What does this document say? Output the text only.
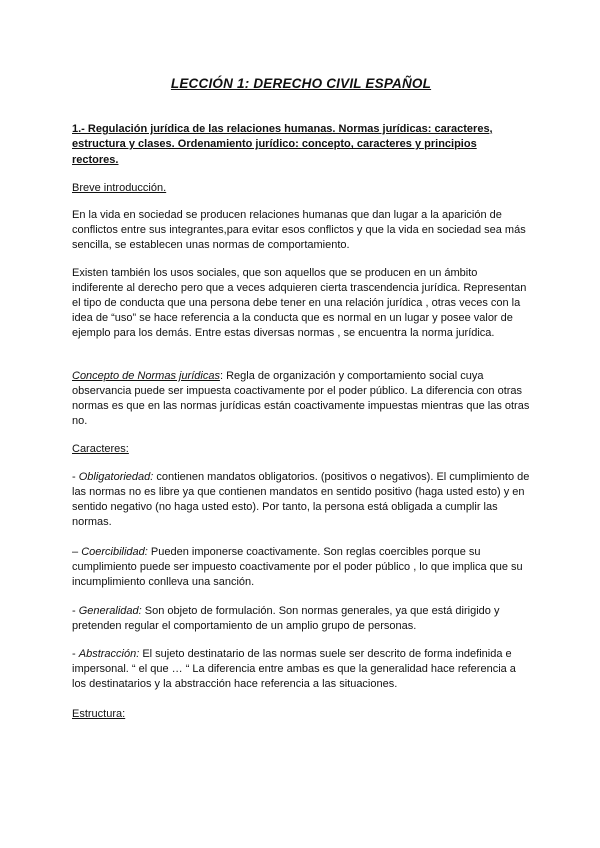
LECCIÓN 1: DERECHO CIVIL ESPAÑOL
1.- Regulación jurídica de las relaciones humanas. Normas jurídicas: caracteres, estructura y clases. Ordenamiento jurídico: concepto, caracteres y principios rectores.
Breve introducción.

En la vida en sociedad se producen relaciones humanas que dan lugar a la aparición de conflictos entre sus integrantes,para evitar esos conflictos y que la vida en sociedad sea más sencilla, se establecen unas normas de comportamiento.

Existen también los usos sociales, que son aquellos que se producen en un ámbito indiferente al derecho pero que a veces adquieren cierta trascendencia jurídica. Representan el tipo de conducta que una persona debe tener en una relación jurídica , otras veces con la idea de “uso” se hace referencia a la conducta que es normal en un lugar y posee valor de ejemplo para los demás. Entre estas diversas normas , se encuentra la norma jurídica.

Concepto de Normas jurídicas: Regla de organización y comportamiento social cuya observancia puede ser impuesta coactivamente por el poder público. La diferencia con otras normas es que en las normas jurídicas están coactivamente impuestas mientras que las otras no.

Caracteres:

- Obligatoriedad: contienen mandatos obligatorios. (positivos o negativos). El cumplimiento de las normas no es libre ya que contienen mandatos en sentido positivo (haga usted esto) y en sentido negativo (no haga usted esto). Por tanto, la persona está obligada a cumplir las normas.

– Coercibilidad: Pueden imponerse coactivamente. Son reglas coercibles porque su cumplimiento puede ser impuesto coactivamente por el poder público , lo que implica que su incumplimiento conlleva una sanción.

- Generalidad: Son objeto de formulación. Son normas generales, ya que está dirigido y pretenden regular el comportamiento de un amplio grupo de personas.

- Abstracción: El sujeto destinatario de las normas suele ser descrito de forma indefinida e impersonal. “ el que … “ La diferencia entre ambas es que la generalidad hace referencia a los destinatarios y la abstracción hace referencia a las situaciones.

Estructura:
